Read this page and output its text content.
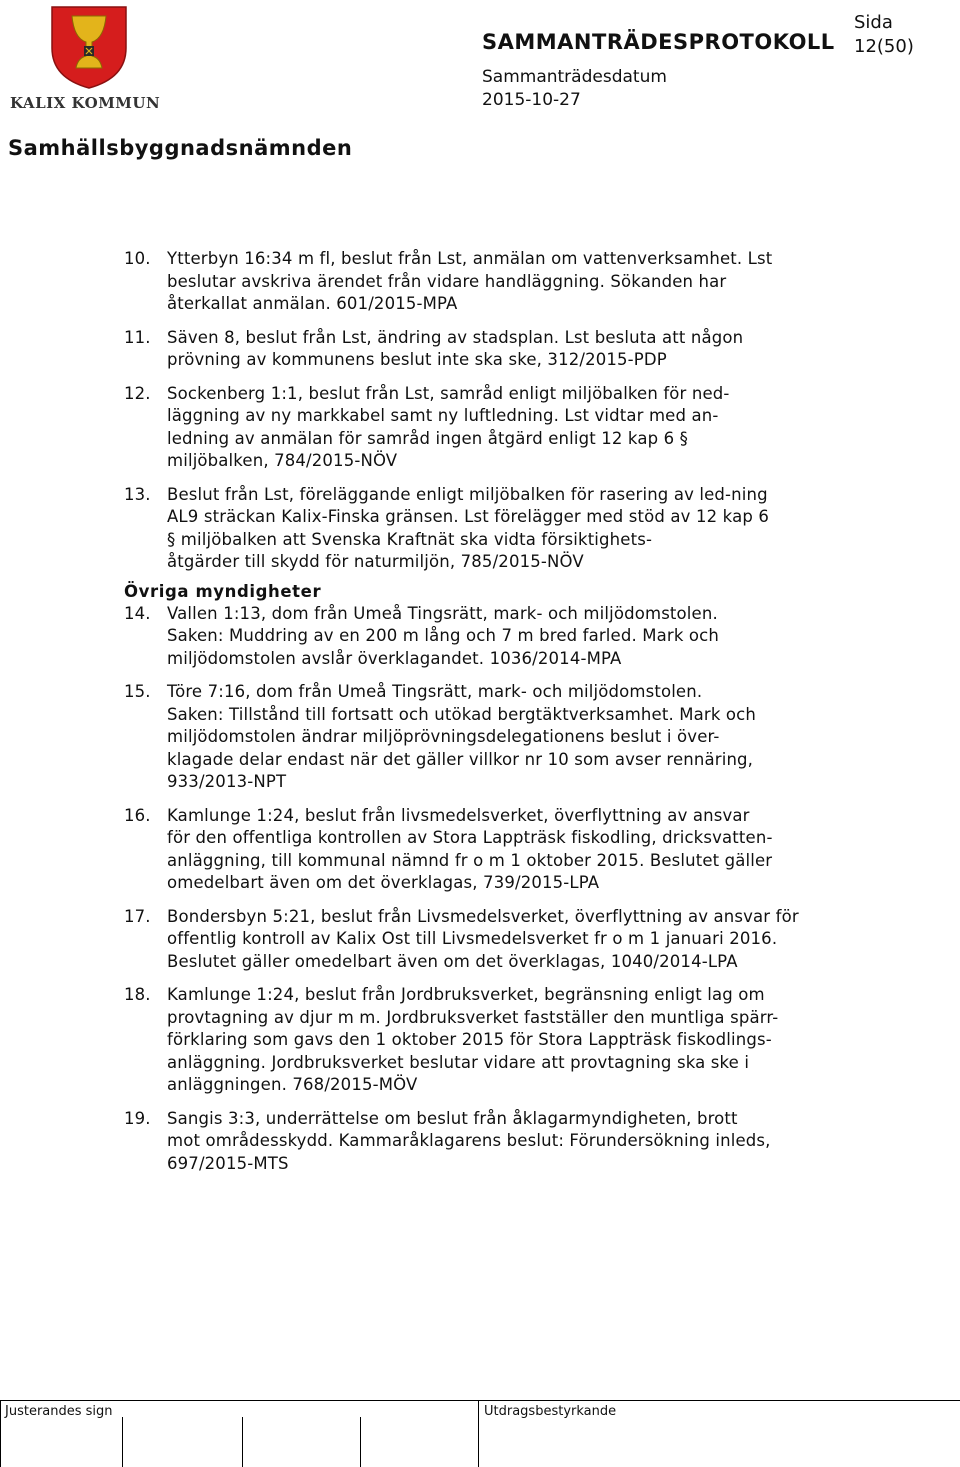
KALIX KOMMUN
SAMMANTRÄDESPROTOKOLL
Sida
12(50)
Sammanträdesdatum
2015-10-27
Samhällsbyggnadsnämnden
10. Ytterbyn 16:34 m fl, beslut från Lst, anmälan om vattenverksamhet. Lst
beslutar avskriva ärendet från vidare handläggning. Sökanden har
återkallat anmälan. 601/2015-MPA
11. Säven 8, beslut från Lst, ändring av stadsplan. Lst besluta att någon
prövning av kommunens beslut inte ska ske, 312/2015-PDP
12. Sockenberg 1:1, beslut från Lst, samråd enligt miljöbalken för ned-
läggning av ny markkabel samt ny luftledning. Lst vidtar med an-
ledning av anmälan för samråd ingen åtgärd enligt 12 kap 6 §
miljöbalken, 784/2015-NÖV
13. Beslut från Lst, föreläggande enligt miljöbalken för rasering av led-ning
AL9 sträckan Kalix-Finska gränsen. Lst förelägger med stöd av 12 kap 6
§ miljöbalken att Svenska Kraftnät ska vidta försiktighets-
åtgärder till skydd för naturmiljön, 785/2015-NÖV
Övriga myndigheter
14. Vallen 1:13, dom från Umeå Tingsrätt, mark- och miljödomstolen.
Saken: Muddring av en 200 m lång och 7 m bred farled. Mark och
miljödomstolen avslår överklagandet. 1036/2014-MPA
15. Töre 7:16, dom från Umeå Tingsrätt, mark- och miljödomstolen.
Saken: Tillstånd till fortsatt och utökad bergtäktverksamhet. Mark och
miljödomstolen ändrar miljöprövningsdelegationens beslut i över-
klagade delar endast när det gäller villkor nr 10 som avser rennäring,
933/2013-NPT
16. Kamlunge 1:24, beslut från livsmedelsverket, överflyttning av ansvar
för den offentliga kontrollen av Stora Lappträsk fiskodling, dricksvatten-
anläggning, till kommunal nämnd fr o m 1 oktober 2015. Beslutet gäller
omedelbart även om det överklagas, 739/2015-LPA
17. Bondersbyn 5:21, beslut från Livsmedelsverket, överflyttning av ansvar för
offentlig kontroll av Kalix Ost till Livsmedelsverket fr o m 1 januari 2016.
Beslutet gäller omedelbart även om det överklagas, 1040/2014-LPA
18. Kamlunge 1:24, beslut från Jordbruksverket, begränsning enligt lag om
provtagning av djur m m. Jordbruksverket fastställer den muntliga spärr-
förklaring som gavs den 1 oktober 2015 för Stora Lappträsk fiskodlings-
anläggning. Jordbruksverket beslutar vidare att provtagning ska ske i
anläggningen. 768/2015-MÖV
19. Sangis 3:3, underrättelse om beslut från åklagarmyndigheten, brott
mot områdesskydd. Kammaråklagarens beslut: Förundersökning inleds,
697/2015-MTS
Justerandes sign	Utdragsbestyrkande
